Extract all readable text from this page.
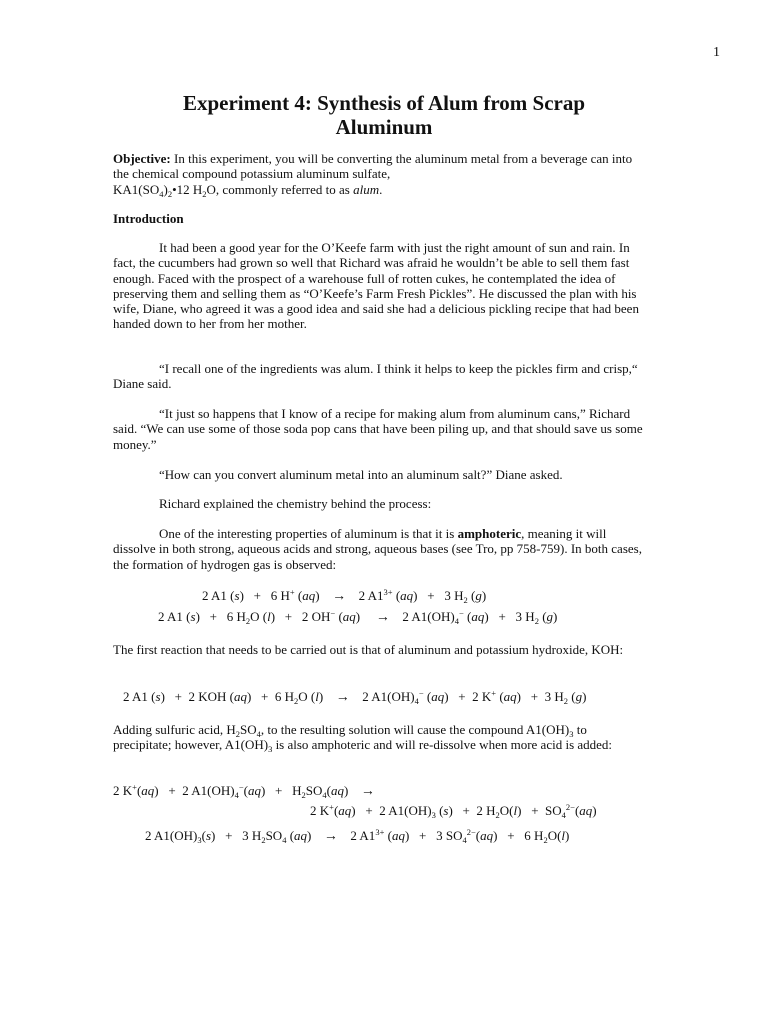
1
Experiment 4: Synthesis of Alum from Scrap
Aluminum
Objective: In this experiment, you will be converting the aluminum metal from a beverage can into the chemical compound potassium aluminum sulfate,
$KA1(SO_4)_2•12$ $H_2O$, commonly referred to as alum.
Introduction
It had been a good year for the O’Keefe farm with just the right amount of sun and rain. In fact, the cucumbers had grown so well that Richard was afraid he wouldn’t be able to sell them fast enough. Faced with the prospect of a warehouse full of rotten cukes, he contemplated the idea of preserving them and selling them as “O’Keefe’s Farm Fresh Pickles”. He discussed the plan with his wife, Diane, who agreed it was a good idea and said she had a delicious pickling recipe that had been handed down to her from her mother.
“I recall one of the ingredients was alum. I think it helps to keep the pickles firm and crisp,“ Diane said.
“It just so happens that I know of a recipe for making alum from aluminum cans,” Richard said. “We can use some of those soda pop cans that have been piling up, and that should save us some money.”
“How can you convert aluminum metal into an aluminum salt?” Diane asked.
Richard explained the chemistry behind the process:
One of the interesting properties of aluminum is that it is amphoteric, meaning it will dissolve in both strong, aqueous acids and strong, aqueous bases (see Tro, pp 758-759). In both cases, the formation of hydrogen gas is observed:
2 A1 (s)   +   6 H+ (aq)  →  2 $A1^{3+}$ (aq)   +   3 $H_2$ (g)
2 A1 (s)   +   6 $H_2O$ (l)   +   2 OH− (aq)   →  2 $A1(OH)_4^-$ (aq)   +   3 $H_2$ (g)
The first reaction that needs to be carried out is that of aluminum and potassium hydroxide, KOH:
2 A1 (s)   +  2 KOH (aq)   +  6 $H_2O$ (l)  →  2 $A1(OH)_4^-$ (aq)   +  2 K+ (aq)   +  3 $H_2$ (g)
Adding sulfuric acid, $H_2SO_4$, to the resulting solution will cause the compound $A1(OH)_3$ to precipitate; however, $A1(OH)_3$ is also amphoteric and will re-dissolve when more acid is added:
2 K+(aq)   +  2 $A1(OH)_4^-(aq) + H_2SO_4(aq)$  →
2 K+(aq)   +  2 $A1(OH)_3$ (s)   +  2 $H_2O(l) + SO_4^{2-}(aq)$
2 $A1(OH)_3(s) + 3$ $H_2SO_4$ (aq)  →  2 $A1^{3+}$ (aq)   +   3 $SO_4^{2-}(aq) + 6$ $H_2O(l)$
